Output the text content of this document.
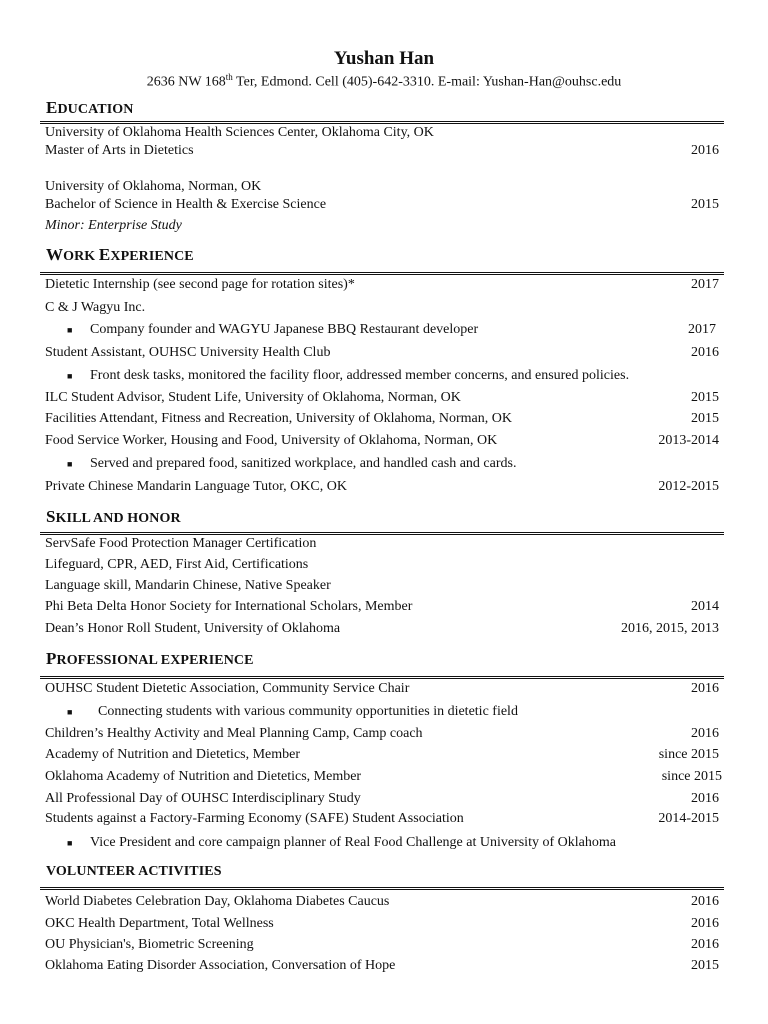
Yushan Han
2636 NW 168th Ter, Edmond. Cell (405)-642-3310. E-mail: Yushan-Han@ouhsc.edu
EDUCATION
University of Oklahoma Health Sciences Center, Oklahoma City, OK
Master of Arts in Dietetics	2016
University of Oklahoma, Norman, OK
Bachelor of Science in Health & Exercise Science	2015
Minor: Enterprise Study
WORK EXPERIENCE
Dietetic Internship (see second page for rotation sites)*	2017
C & J Wagyu Inc.
■ Company founder and WAGYU Japanese BBQ Restaurant developer	2017
Student Assistant, OUHSC University Health Club	2016
■ Front desk tasks, monitored the facility floor, addressed member concerns, and ensured policies.
ILC Student Advisor, Student Life, University of Oklahoma, Norman, OK	2015
Facilities Attendant, Fitness and Recreation, University of Oklahoma, Norman, OK	2015
Food Service Worker, Housing and Food, University of Oklahoma, Norman, OK	2013-2014
■ Served and prepared food, sanitized workplace, and handled cash and cards.
Private Chinese Mandarin Language Tutor, OKC, OK	2012-2015
SKILL AND HONOR
ServSafe Food Protection Manager Certification
Lifeguard, CPR, AED, First Aid, Certifications
Language skill, Mandarin Chinese, Native Speaker
Phi Beta Delta Honor Society for International Scholars, Member	2014
Dean’s Honor Roll Student, University of Oklahoma	2016, 2015, 2013
PROFESSIONAL EXPERIENCE
OUHSC Student Dietetic Association, Community Service Chair	2016
■ Connecting students with various community opportunities in dietetic field
Children’s Healthy Activity and Meal Planning Camp, Camp coach	2016
Academy of Nutrition and Dietetics, Member	since 2015
Oklahoma Academy of Nutrition and Dietetics, Member	since 2015
All Professional Day of OUHSC Interdisciplinary Study	2016
Students against a Factory-Farming Economy (SAFE) Student Association	2014-2015
■ Vice President and core campaign planner of Real Food Challenge at University of Oklahoma
VOLUNTEER ACTIVITIES
World Diabetes Celebration Day, Oklahoma Diabetes Caucus	2016
OKC Health Department, Total Wellness	2016
OU Physician's, Biometric Screening	2016
Oklahoma Eating Disorder Association, Conversation of Hope	2015
